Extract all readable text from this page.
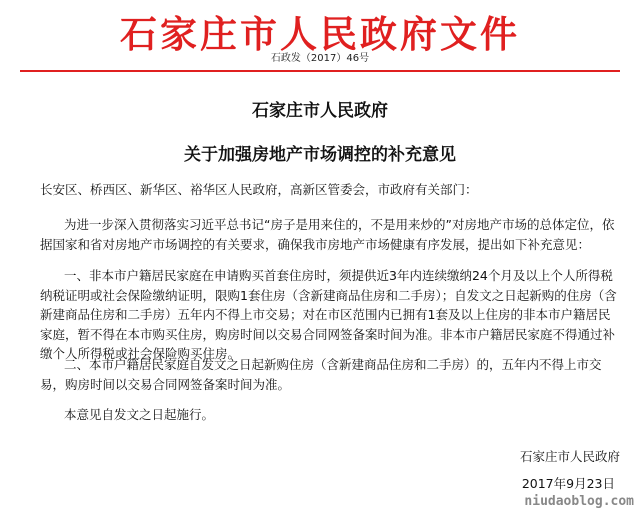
石家庄市人民政府文件
石政发（2017）46号
石家庄市人民政府
关于加强房地产市场调控的补充意见
长安区、桥西区、新华区、裕华区人民政府，高新区管委会，市政府有关部门：
为进一步深入贯彻落实习近平总书记“房子是用来住的，不是用来炒的”对房地产市场的总体定位，依据国家和省对房地产市场调控的有关要求，确保我市房地产市场健康有序发展，提出如下补充意见：
一、非本市户籍居民家庭在申请购买首套住房时，须提供近3年内连续缴纳24个月及以上个人所得税纳税证明或社会保险缴纳证明，限购1套住房（含新建商品住房和二手房）；自发文之日起新购的住房（含新建商品住房和二手房）五年内不得上市交易；对在市区范围内已拥有1套及以上住房的非本市户籍居民家庭，暂不得在本市购买住房，购房时间以交易合同网签备案时间为准。非本市户籍居民家庭不得通过补缴个人所得税或社会保险购买住房。
二、本市户籍居民家庭自发文之日起新购住房（含新建商品住房和二手房）的，五年内不得上市交易，购房时间以交易合同网签备案时间为准。
本意见自发文之日起施行。
石家庄市人民政府
2017年9月23日
niudaoblog.com
